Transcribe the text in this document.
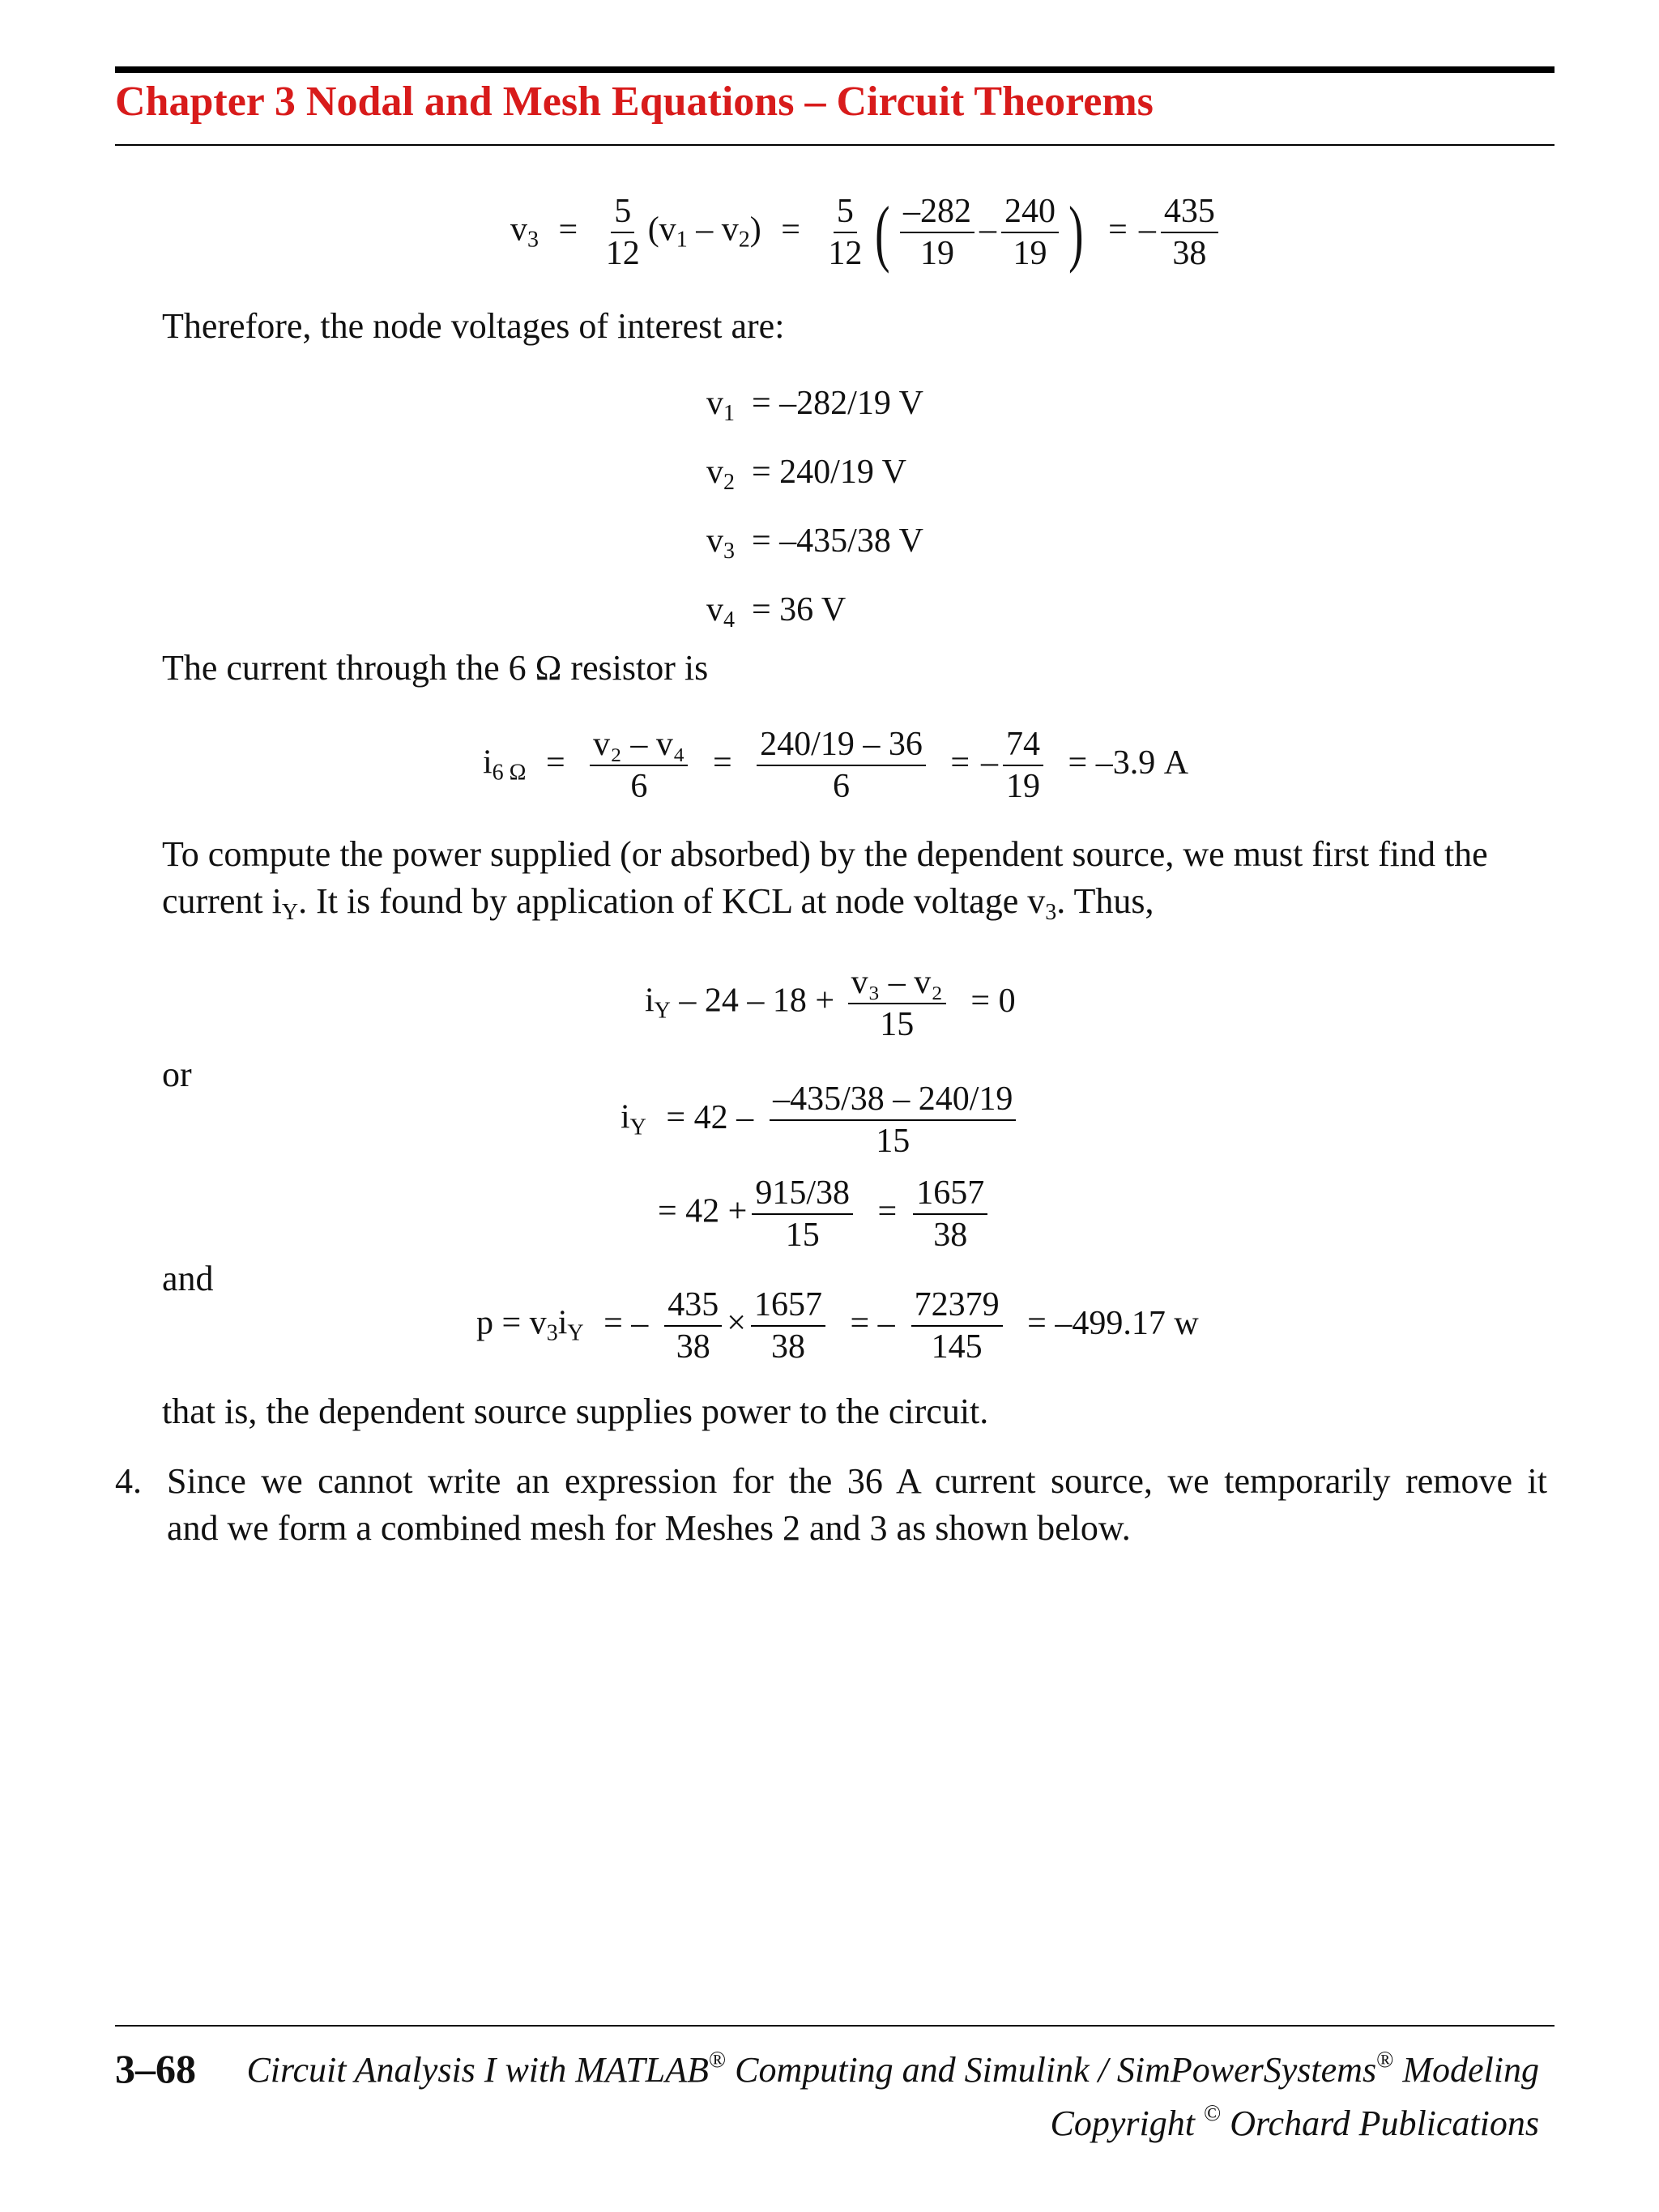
Chapter 3 Nodal and Mesh Equations – Circuit Theorems
$v_3 = \frac{5}{12} (v_1 - v_2) = \frac{5}{12}$ ( $\frac{-282}{19} - \frac{240}{19}$ ) = – $\frac{435}{38}$
Therefore, the node voltages of interest are:
$v_1 = -282/19$ V
$v_2 = 240/19$ V
$v_3 = -435/38$ V
$v_4 = 36$ V
The current through the 6 Ω resistor is
$i_{6 \Omega} = \frac{\text{v₂ – v₄}}{6} = \frac{240/19 - 36}{6}$ = – $\frac{74}{19} = -3.9$ A
To compute the power supplied (or absorbed) by the dependent source, we must first find the
current $i_Y$. It is found by application of KCL at node voltage $v_3$. Thus,
$i_Y - 24 - 18 + \frac{\text{v₃ – v₂}}{15} = 0$
or
$i_Y = 42 - \frac{-435/38 - 240/19}{15}$
= $42 + \frac{915/38}{15} = \frac{1657}{38}$
and
$p = v_3i_Y$ = – $\frac{435}{38} \times \frac{1657}{38}$ = – $\frac{72379}{145} = -499.17$ w
that is, the dependent source supplies power to the circuit.
4. Since we cannot write an expression for the 36 A current source, we temporarily remove it
and we form a combined mesh for Meshes 2 and 3 as shown below.
3–68 Circuit Analysis I with MATLAB® Computing and Simulink / SimPowerSystems® Modeling
Copyright © Orchard Publications
